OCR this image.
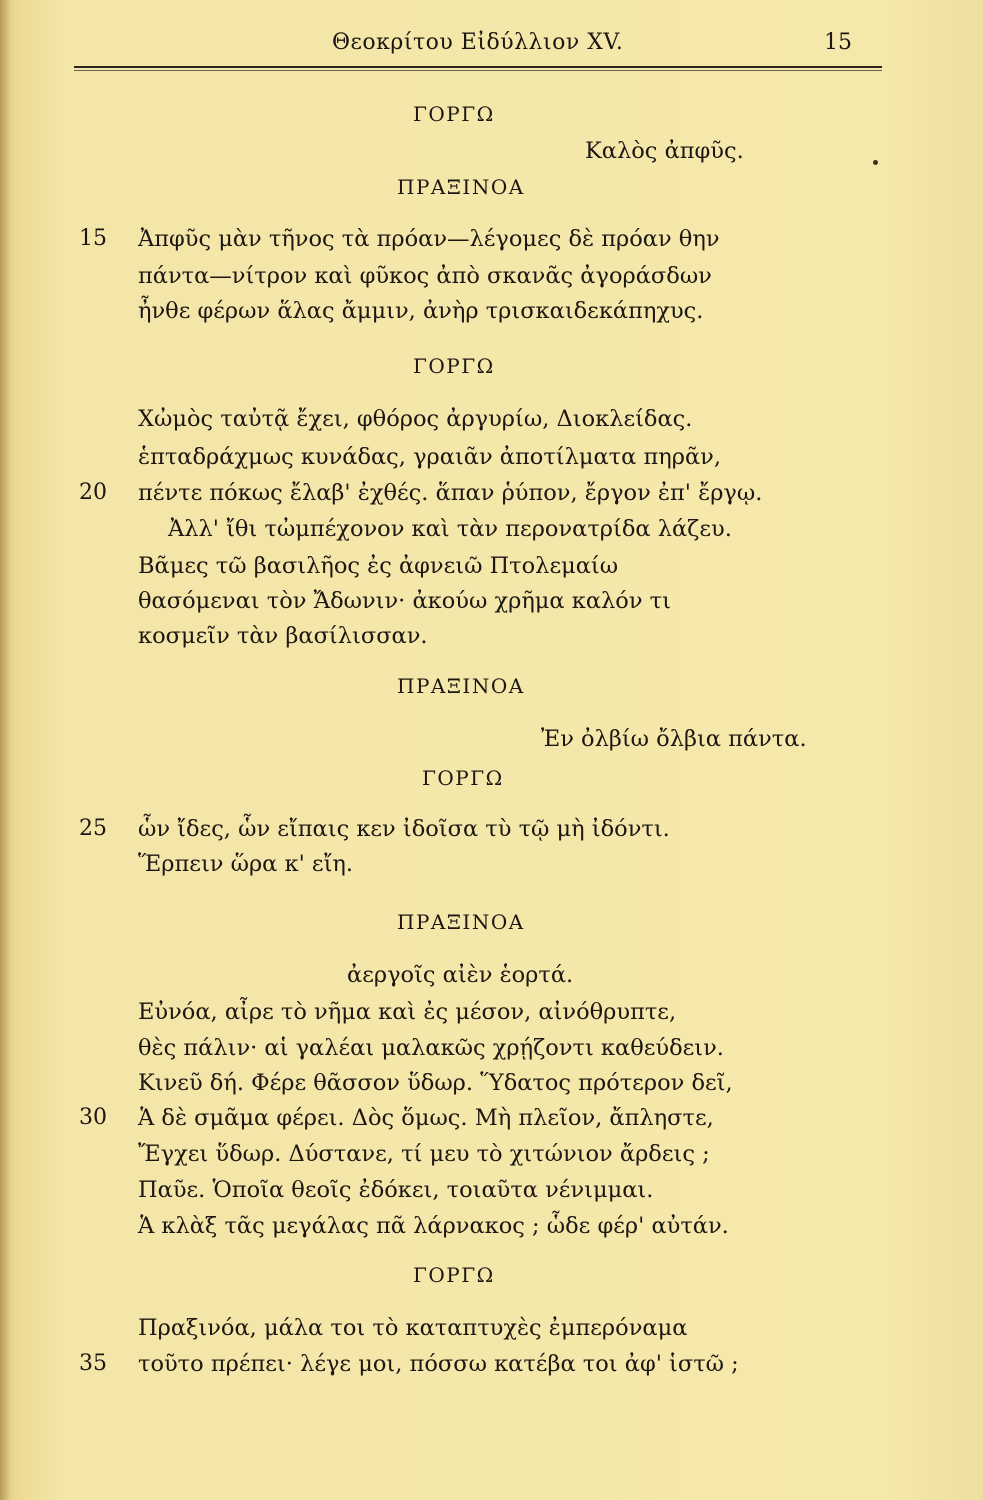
Θεοκρίτου Εἰδύλλιον XV.	15
ΓΟΡΓΩ
Καλὸς ἀπφῦς.
ΠΡΑΞΙΝΟΑ
15 Ἀπφῦς μὰν τῆνος τὰ πρόαν—λέγομες δὲ πρόαν θην
πάντα—νίτρον καὶ φῦκος ἀπὸ σκανᾶς ἀγοράσδων
ἦνθε φέρων ἅλας ἄμμιν, ἀνὴρ τρισκαιδεκάπηχυς.
ΓΟΡΓΩ
Χὠμὸς ταὐτᾷ ἔχει, φθόρος ἀργυρίω, Διοκλείδας.
ἑπταδράχμως κυνάδας, γραιᾶν ἀποτίλματα πηρᾶν,
20 πέντε πόκως ἔλαβ' ἐχθές. ἅπαν ῥύπον, ἔργον ἐπ' ἔργῳ.
Ἀλλ' ἴθι τὠμπέχονον καὶ τὰν περονατρίδα λάζευ.
Βᾶμες τῶ βασιλῆος ἐς ἀφνειῶ Πτολεμαίω
θασόμεναι τὸν Ἄδωνιν· ἀκούω χρῆμα καλόν τι
κοσμεῖν τὰν βασίλισσαν.
ΠΡΑΞΙΝΟΑ
Ἐν ὀλβίω ὄλβια πάντα.
ΓΟΡΓΩ
25 ὧν ἴδες, ὧν εἴπαις κεν ἰδοῖσα τὺ τῷ μὴ ἰδόντι.
Ἕρπειν ὥρα κ' εἴη.
ΠΡΑΞΙΝΟΑ
ἀεργοῖς αἰὲν ἑορτά.
Εὐνόα, αἶρε τὸ νῆμα καὶ ἐς μέσον, αἰνόθρυπτε,
θὲς πάλιν· αἱ γαλέαι μαλακῶς χρῄζοντι καθεύδειν.
Κινεῦ δή. Φέρε θᾶσσον ὕδωρ. Ὕδατος πρότερον δεῖ,
30 Ἁ δὲ σμᾶμα φέρει. Δὸς ὅμως. Μὴ πλεῖον, ἄπληστε,
Ἔγχει ὕδωρ. Δύστανε, τί μευ τὸ χιτώνιον ἄρδεις ;
Παῦε. Ὁποῖα θεοῖς ἐδόκει, τοιαῦτα νένιμμαι.
Ἁ κλὰξ τᾶς μεγάλας πᾶ λάρνακος ; ὧδε φέρ' αὐτάν.
ΓΟΡΓΩ
Πραξινόα, μάλα τοι τὸ καταπτυχὲς ἐμπερόναμα
35 τοῦτο πρέπει· λέγε μοι, πόσσω κατέβα τοι ἀφ' ἱστῶ ;
